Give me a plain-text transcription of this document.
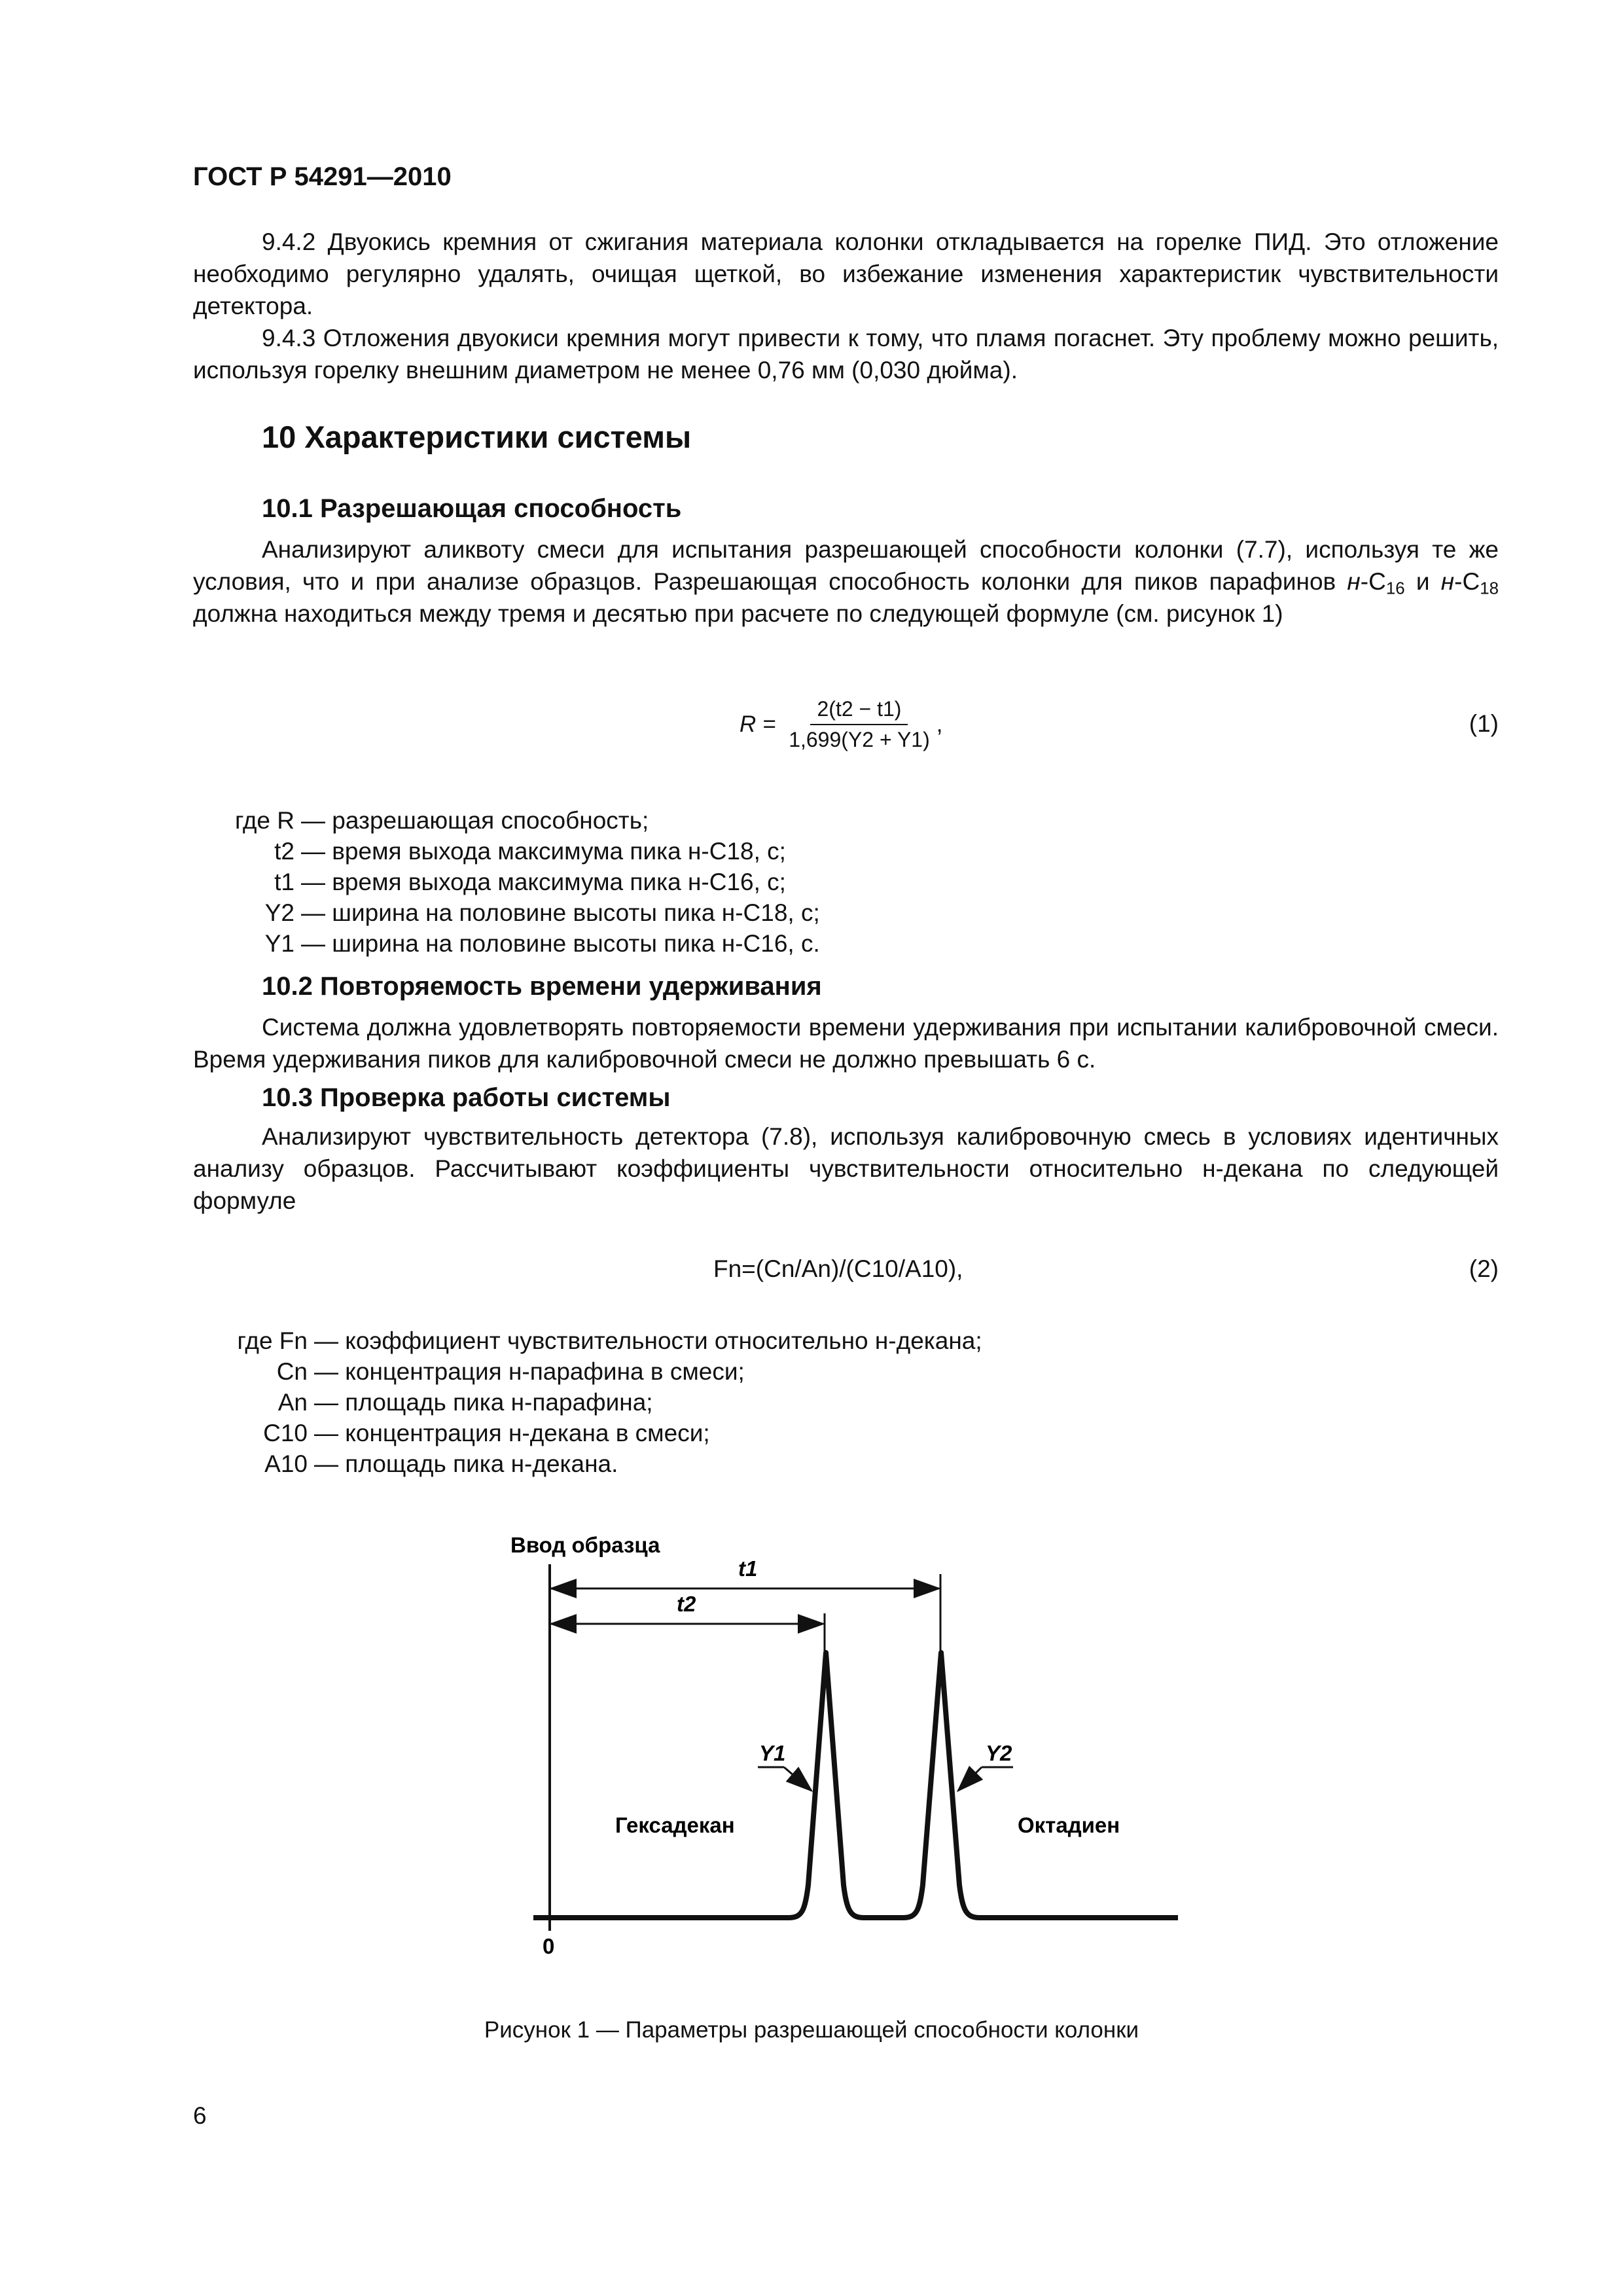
ГОСТ Р 54291—2010
9.4.2 Двуокись кремния от сжигания материала колонки откладывается на горелке ПИД. Это отложение необходимо регулярно удалять, очищая щеткой, во избежание изменения характеристик чувствительности детектора.
9.4.3 Отложения двуокиси кремния могут привести к тому, что пламя погаснет. Эту проблему можно решить, используя горелку внешним диаметром не менее 0,76 мм (0,030 дюйма).
10 Характеристики системы
10.1 Разрешающая способность
Анализируют аликвоту смеси для испытания разрешающей способности колонки (7.7), используя те же условия, что и при анализе образцов. Разрешающая способность колонки для пиков парафинов $н-C_{16}$ и $н-C_{18}$ должна находиться между тремя и десятью при расчете по следующей формуле (см. рисунок 1)
$R = \frac{2(t2 - t1)}{1,699(Y2 + Y1)}$ ,	(1)
где R — разрешающая способность;
t2 — время выхода максимума пика н-C18, с;
t1 — время выхода максимума пика н-C16, с;
Y2 — ширина на половине высоты пика н-C18, с;
Y1 — ширина на половине высоты пика н-C16, с.
10.2 Повторяемость времени удерживания
Система должна удовлетворять повторяемости времени удерживания при испытании калибровочной смеси. Время удерживания пиков для калибровочной смеси не должно превышать 6 с.
10.3 Проверка работы системы
Анализируют чувствительность детектора (7.8), используя калибровочную смесь в условиях идентичных анализу образцов. Рассчитывают коэффициенты чувствительности относительно н-декана по следующей формуле
Fn=(Cn/An)/(C10/A10),	(2)
где Fn — коэффициент чувствительности относительно н-декана;
Cn — концентрация н-парафина в смеси;
An — площадь пика н-парафина;
C10 — концентрация н-декана в смеси;
A10 — площадь пика н-декана.
Ввод образца
t1
t2
Y1	Y2
Гексадекан	Октадиен
0
Рисунок 1 — Параметры разрешающей способности колонки
6
